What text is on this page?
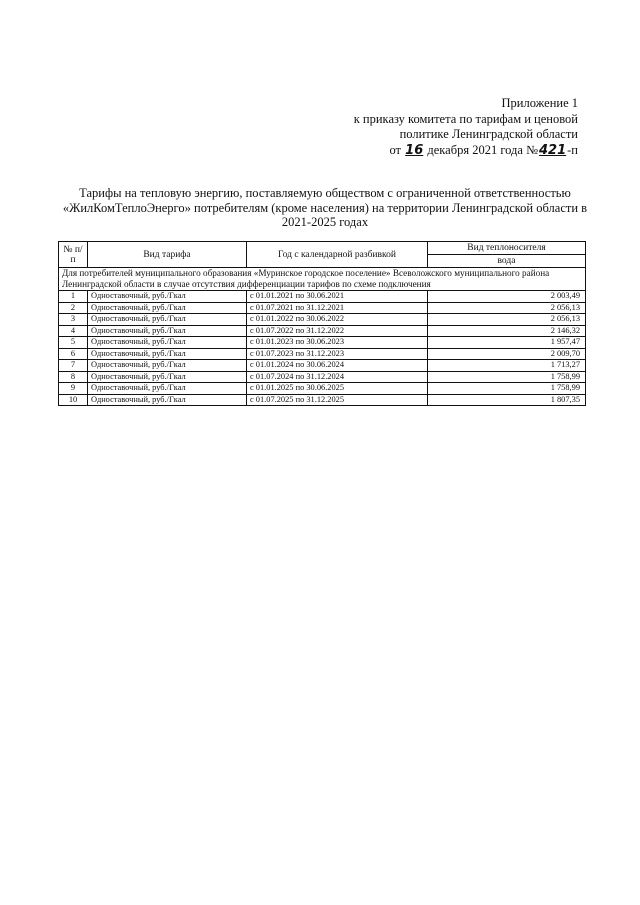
Приложение 1
к приказу комитета по тарифам и ценовой
политике Ленинградской области
от 16 декабря 2021 года №421-п
Тарифы на тепловую энергию, поставляемую обществом с ограниченной ответственностью
«ЖилКомТеплоЭнерго» потребителям (кроме населения) на территории Ленинградской области в
2021-2025 годах
№ п/п	Вид тарифа	Год с календарной разбивкой	Вид теплоносителя
			вода
Для потребителей муниципального образования «Муринское городское поселение» Всеволожского муниципального района Ленинградской области в случае отсутствия дифференциации тарифов по схеме подключения			
1	Одноставочный, руб./Гкал	с 01.01.2021 по 30.06.2021	2 003,49
2	Одноставочный, руб./Гкал	с 01.07.2021 по 31.12.2021	2 056,13
3	Одноставочный, руб./Гкал	с 01.01.2022 по 30.06.2022	2 056,13
4	Одноставочный, руб./Гкал	с 01.07.2022 по 31.12.2022	2 146,32
5	Одноставочный, руб./Гкал	с 01.01.2023 по 30.06.2023	1 957,47
6	Одноставочный, руб./Гкал	с 01.07.2023 по 31.12.2023	2 009,70
7	Одноставочный, руб./Гкал	с 01.01.2024 по 30.06.2024	1 713,27
8	Одноставочный, руб./Гкал	с 01.07.2024 по 31.12.2024	1 758,99
9	Одноставочный, руб./Гкал	с 01.01.2025 по 30.06.2025	1 758,99
10	Одноставочный, руб./Гкал	с 01.07.2025 по 31.12.2025	1 807,35
